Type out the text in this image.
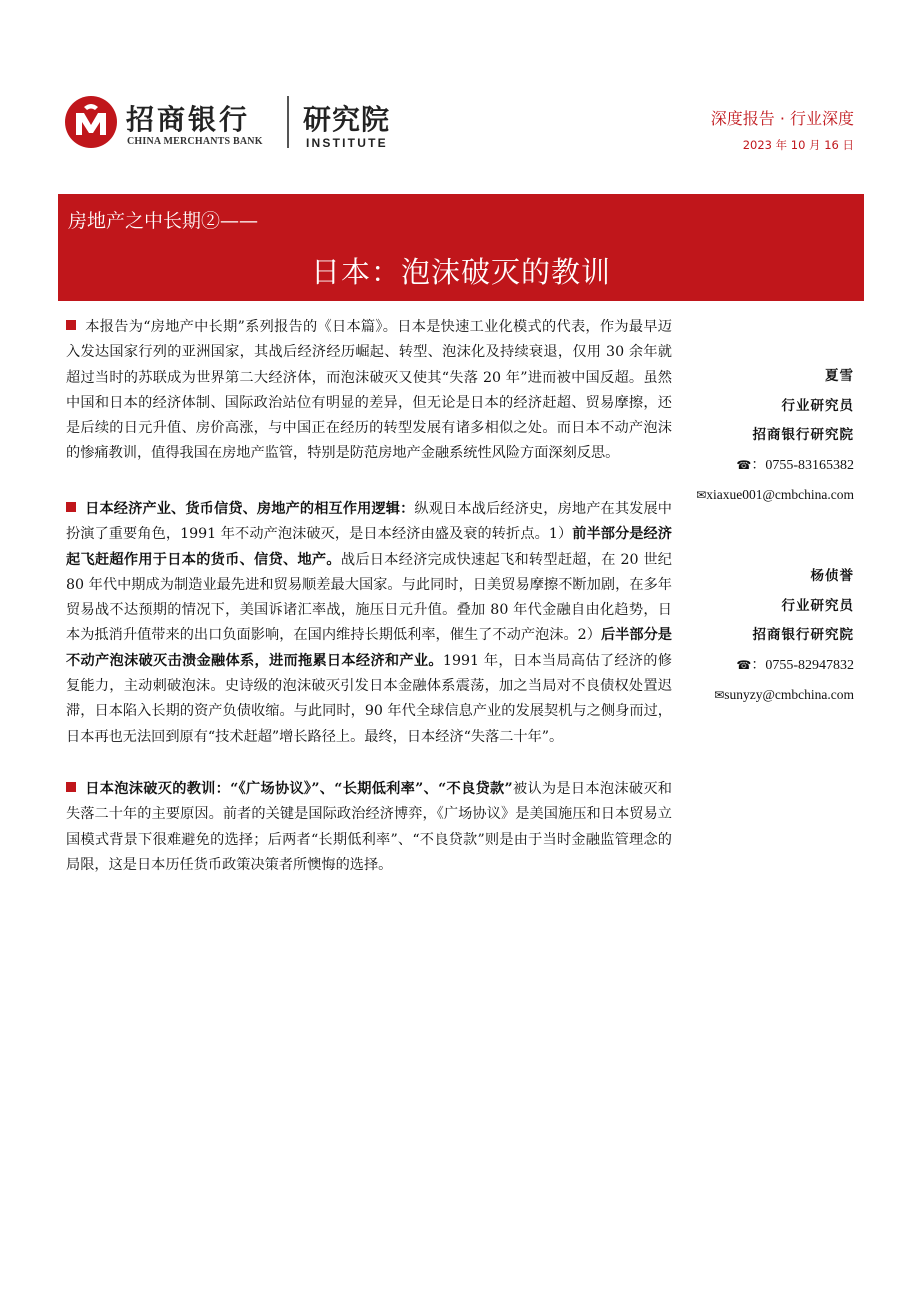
招商银行
CHINA MERCHANTS BANK
研究院
INSTITUTE
深度报告 · 行业深度
2023 年 10 月 16 日
房地产之中长期②——
日本：泡沫破灭的教训
本报告为“房地产中长期”系列报告的《日本篇》。日本是快速工业化模式的代表，作为最早迈入发达国家行列的亚洲国家，其战后经济经历崛起、转型、泡沫化及持续衰退，仅用 30 余年就超过当时的苏联成为世界第二大经济体，而泡沫破灭又使其“失落 20 年”进而被中国反超。虽然中国和日本的经济体制、国际政治站位有明显的差异，但无论是日本的经济赶超、贸易摩擦，还是后续的日元升值、房价高涨，与中国正在经历的转型发展有诸多相似之处。而日本不动产泡沫的惨痛教训，值得我国在房地产监管，特别是防范房地产金融系统性风险方面深刻反思。
日本经济产业、货币信贷、房地产的相互作用逻辑：纵观日本战后经济史，房地产在其发展中扮演了重要角色，1991 年不动产泡沫破灭，是日本经济由盛及衰的转折点。1）前半部分是经济起飞赶超作用于日本的货币、信贷、地产。战后日本经济完成快速起飞和转型赶超，在 20 世纪 80 年代中期成为制造业最先进和贸易顺差最大国家。与此同时，日美贸易摩擦不断加剧，在多年贸易战不达预期的情况下，美国诉诸汇率战，施压日元升值。叠加 80 年代金融自由化趋势，日本为抵消升值带来的出口负面影响，在国内维持长期低利率，催生了不动产泡沫。2）后半部分是不动产泡沫破灭击溃金融体系，进而拖累日本经济和产业。1991 年，日本当局高估了经济的修复能力，主动刺破泡沫。史诗级的泡沫破灭引发日本金融体系震荡，加之当局对不良债权处置迟滞，日本陷入长期的资产负债收缩。与此同时，90 年代全球信息产业的发展契机与之侧身而过，日本再也无法回到原有“技术赶超”增长路径上。最终，日本经济“失落二十年”。
日本泡沫破灭的教训：“《广场协议》”、“长期低利率”、“不良贷款”被认为是日本泡沫破灭和失落二十年的主要原因。前者的关键是国际政治经济博弈，《广场协议》是美国施压和日本贸易立国模式背景下很难避免的选择；后两者“长期低利率”、“不良贷款”则是由于当时金融监管理念的局限，这是日本历任货币政策决策者所懊悔的选择。
夏雪
行业研究员
招商银行研究院
☎：0755-83165382
✉xiaxue001@cmbchina.com
杨侦誉
行业研究员
招商银行研究院
☎：0755-82947832
✉sunyzy@cmbchina.com
